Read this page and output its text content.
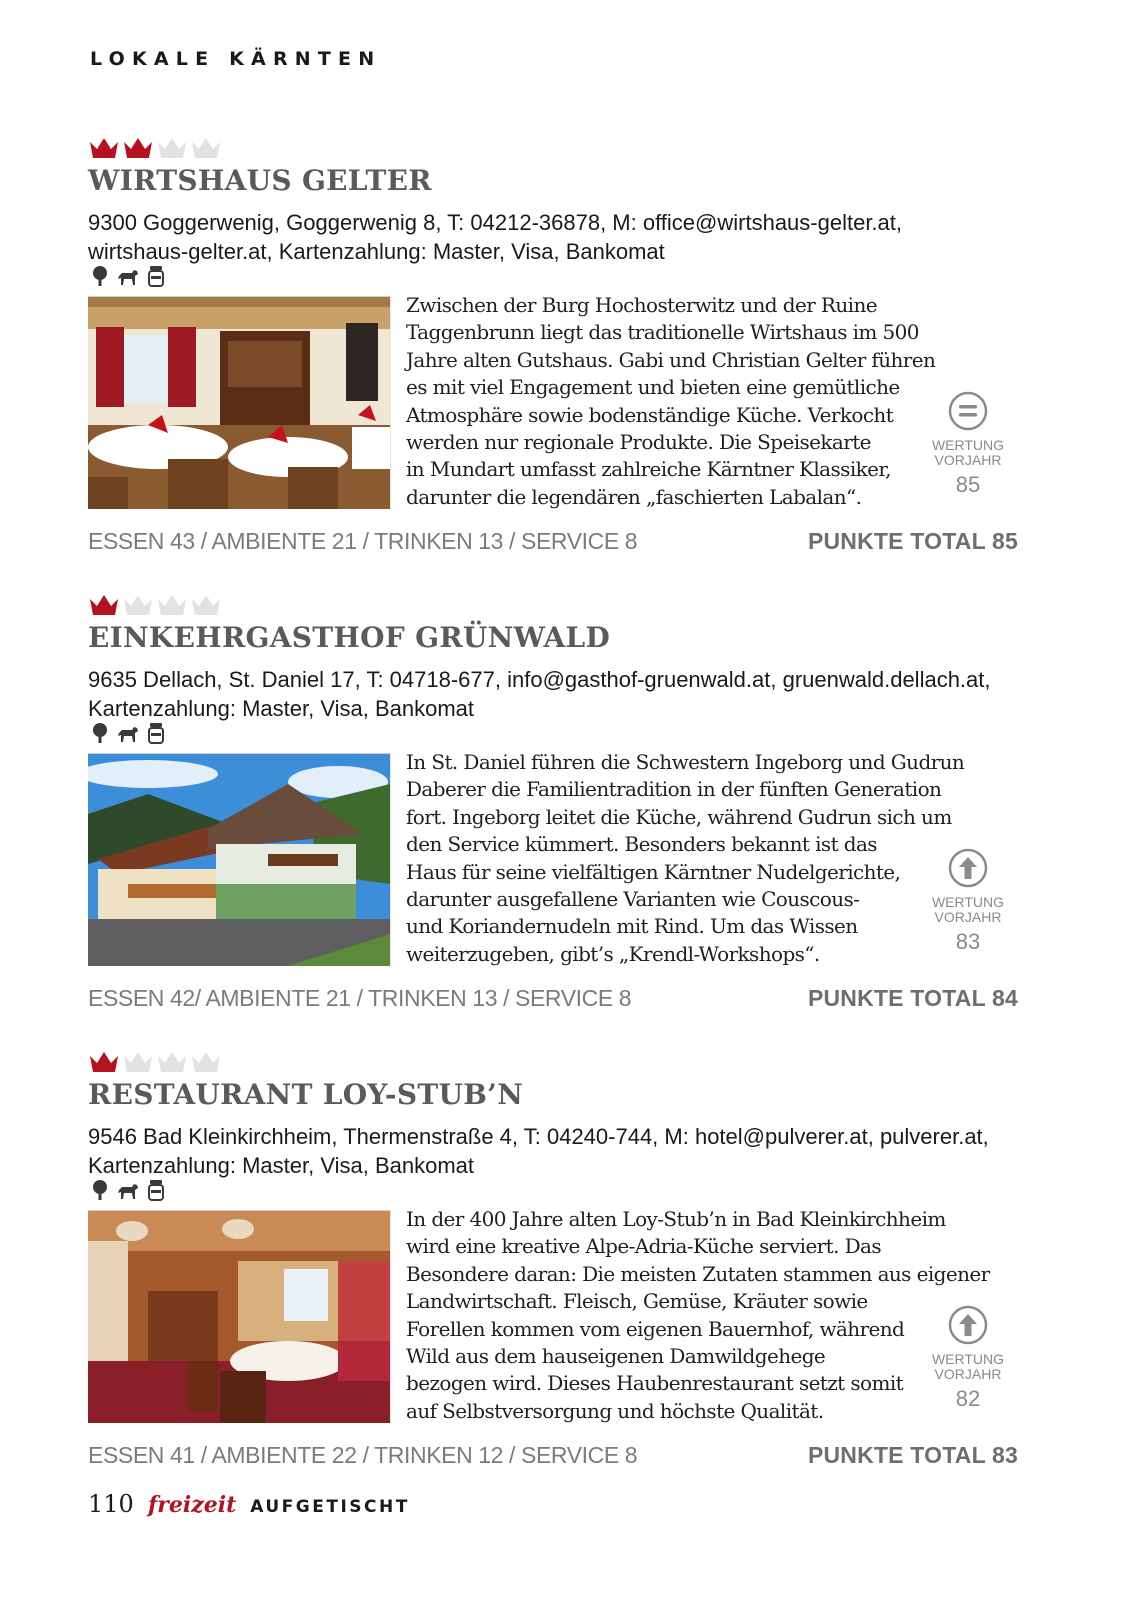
LOKALE KÄRNTEN
WIRTSHAUS GELTER
9300 Goggerwenig, Goggerwenig 8, T: 04212-36878, M: office@wirtshaus-gelter.at,
wirtshaus-gelter.at, Kartenzahlung: Master, Visa, Bankomat

Zwischen der Burg Hochosterwitz und der Ruine
Taggenbrunn liegt das traditionelle Wirtshaus im 500
Jahre alten Gutshaus. Gabi und Christian Gelter führen
es mit viel Engagement und bieten eine gemütliche
Atmosphäre sowie bodenständige Küche. Verkocht
werden nur regionale Produkte. Die Speisekarte
in Mundart umfasst zahlreiche Kärntner Klassiker,
darunter die legendären „faschierten Labalan“.

WERTUNG
VORJAHR
85
ESSEN 43 / AMBIENTE 21 / TRINKEN 13 / SERVICE 8	PUNKTE TOTAL 85
EINKEHRGASTHOF GRÜNWALD
9635 Dellach, St. Daniel 17, T: 04718-677, info@gasthof-gruenwald.at, gruenwald.dellach.at,
Kartenzahlung: Master, Visa, Bankomat

In St. Daniel führen die Schwestern Ingeborg und Gudrun
Daberer die Familientradition in der fünften Generation
fort. Ingeborg leitet die Küche, während Gudrun sich um
den Service kümmert. Besonders bekannt ist das
Haus für seine vielfältigen Kärntner Nudelgerichte,
darunter ausgefallene Varianten wie Couscous-
und Koriandernudeln mit Rind. Um das Wissen
weiterzugeben, gibt’s „Krendl-Workshops“.

WERTUNG
VORJAHR
83
ESSEN 42/ AMBIENTE 21 / TRINKEN 13 / SERVICE 8	PUNKTE TOTAL 84
RESTAURANT LOY-STUB’N
9546 Bad Kleinkirchheim, Thermenstraße 4, T: 04240-744, M: hotel@pulverer.at, pulverer.at,
Kartenzahlung: Master, Visa, Bankomat

In der 400 Jahre alten Loy-Stub’n in Bad Kleinkirchheim
wird eine kreative Alpe-Adria-Küche serviert. Das
Besondere daran: Die meisten Zutaten stammen aus eigener
Landwirtschaft. Fleisch, Gemüse, Kräuter sowie
Forellen kommen vom eigenen Bauernhof, während
Wild aus dem hauseigenen Damwildgehege
bezogen wird. Dieses Haubenrestaurant setzt somit
auf Selbstversorgung und höchste Qualität.

WERTUNG
VORJAHR
82
ESSEN 41 / AMBIENTE 22 / TRINKEN 12 / SERVICE 8	PUNKTE TOTAL 83
110 freizeit AUFGETISCHT
